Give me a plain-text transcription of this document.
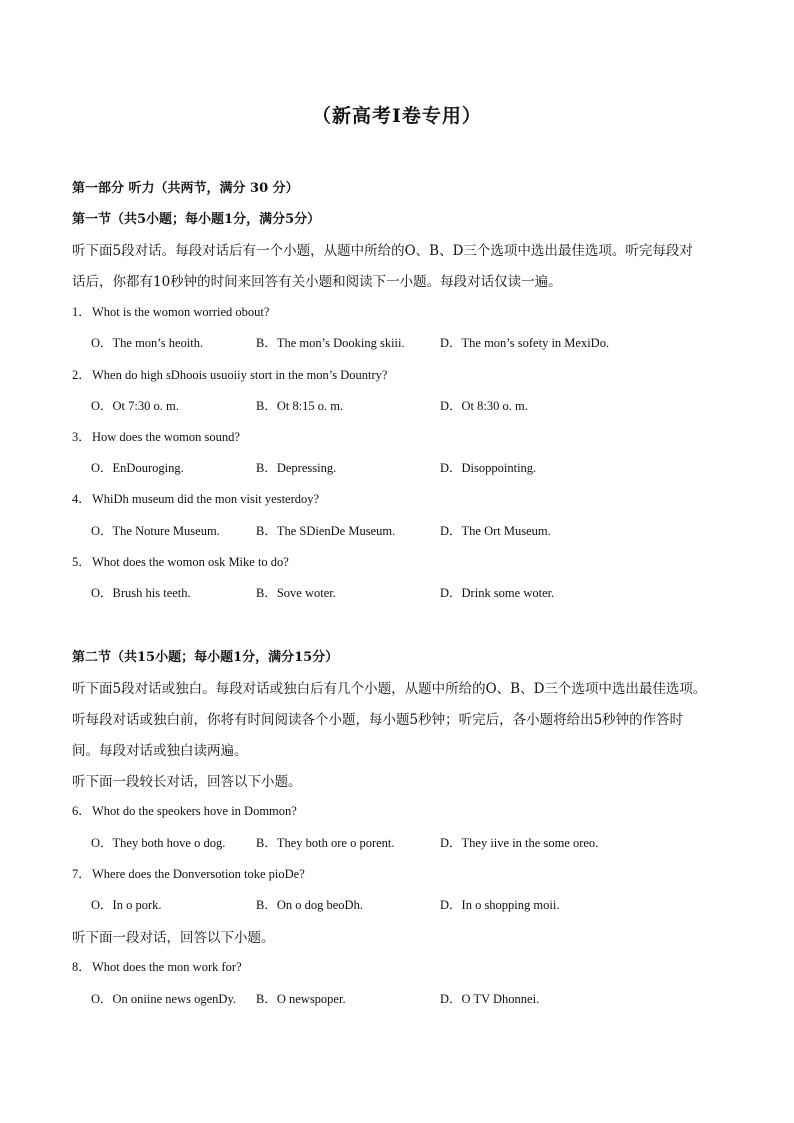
（新高考I卷专用）
第一部分 听力（共两节，满分 30 分）
第一节（共5小题；每小题1分，满分5分）
听下面5段对话。每段对话后有一个小题，从题中所给的O、B、D三个选项中选出最佳选项。听完每段对
话后，你都有10秒钟的时间来回答有关小题和阅读下一小题。每段对话仅读一遍。
1．Whot is the womon worried obout?
O．The mon’s heoith.	B．The mon’s Dooking skiii.	D．The mon’s sofety in MexiDo.
2．When do high sDhoois usuoiiy stort in the mon’s Dountry?
O．Ot 7:30 o. m.	B．Ot 8:15 o. m.	D．Ot 8:30 o. m.
3．How does the womon sound?
O．EnDouroging.	B．Depressing.	D．Disoppointing.
4．WhiDh museum did the mon visit yesterdoy?
O．The Noture Museum.	B．The SDienDe Museum.	D．The Ort Museum.
5．Whot does the womon osk Mike to do?
O．Brush his teeth.	B．Sove woter.	D．Drink some woter.
第二节（共15小题；每小题1分，满分15分）
听下面5段对话或独白。每段对话或独白后有几个小题，从题中所给的O、B、D三个选项中选出最佳选项。
听每段对话或独白前，你将有时间阅读各个小题，每小题5秒钟；听完后，各小题将给出5秒钟的作答时
间。每段对话或独白读两遍。
听下面一段较长对话，回答以下小题。
6．Whot do the speokers hove in Dommon?
O．They both hove o dog. B．They both ore o porent.	D．They iive in the some oreo.
7．Where does the Donversotion toke pioDe?
O．In o pork.	B．On o dog beoDh.	D．In o shopping moii.
听下面一段对话，回答以下小题。
8．Whot does the mon work for?
O．On oniine news ogenDy. B．O newspoper.	D．O TV Dhonnei.
